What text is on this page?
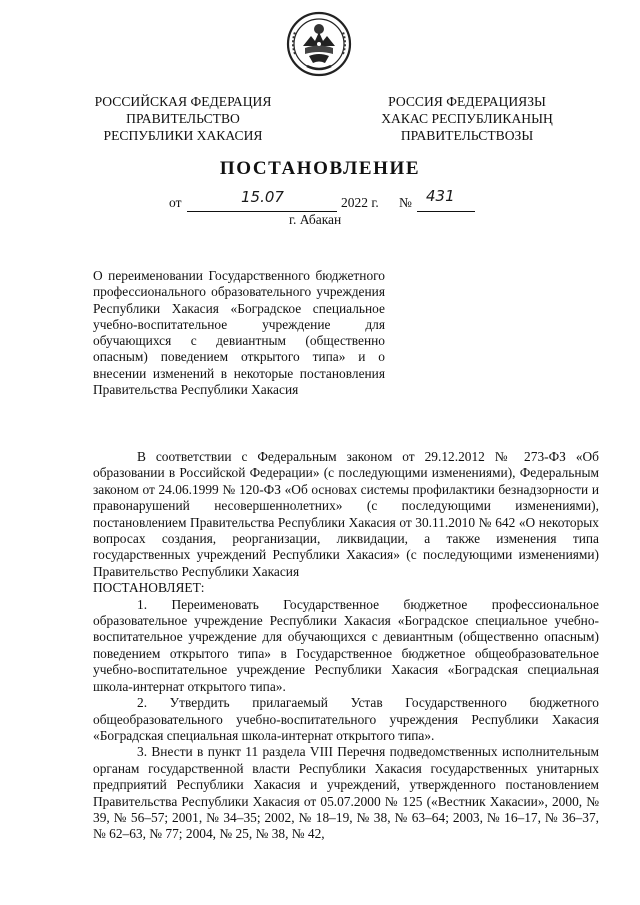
РОССИЙСКАЯ ФЕДЕРАЦИЯ
ПРАВИТЕЛЬСТВО
РЕСПУБЛИКИ ХАКАСИЯ
РОССИЯ ФЕДЕРАЦИЯЗЫ
ХАКАС РЕСПУБЛИКАНЫҢ
ПРАВИТЕЛЬСТВОЗЫ
ПОСТАНОВЛЕНИЕ
от	15.07	2022 г. № 431
г. Абакан
О переименовании Государственного бюджетного профессионального образовательного учреждения Республики Хакасия «Боградское специальное учебно-воспитательное учреждение для обучающихся с девиантным (общественно опасным) поведением открытого типа» и о внесении изменений в некоторые постановления Правительства Республики Хакасия

В соответствии с Федеральным законом от 29.12.2012 № 273-ФЗ «Об образовании в Российской Федерации» (с последующими изменениями), Федеральным законом от 24.06.1999 № 120-ФЗ «Об основах системы профилактики безнадзорности и правонарушений несовершеннолетних» (с последующими изменениями), постановлением Правительства Республики Хакасия от 30.11.2010 № 642 «О некоторых вопросах создания, реорганизации, ликвидации, а также изменения типа государственных учреждений Республики Хакасия» (с последующими изменениями) Правительство Республики Хакасия

ПОСТАНОВЛЯЕТ:

1. Переименовать Государственное бюджетное профессиональное образовательное учреждение Республики Хакасия «Боградское специальное учебно-воспитательное учреждение для обучающихся с девиантным (общественно опасным) поведением открытого типа» в Государственное бюджетное общеобразовательное учебно-воспитательное учреждение Республики Хакасия «Боградская специальная школа-интернат открытого типа».

2. Утвердить прилагаемый Устав Государственного бюджетного общеобразовательного учебно-воспитательного учреждения Республики Хакасия «Боградская специальная школа-интернат открытого типа».

3. Внести в пункт 11 раздела VIII Перечня подведомственных исполнительным органам государственной власти Республики Хакасия государственных унитарных предприятий Республики Хакасия и учреждений, утвержденного постановлением Правительства Республики Хакасия от 05.07.2000 № 125 («Вестник Хакасии», 2000, № 39, № 56–57; 2001, № 34–35; 2002, № 18–19, № 38, № 63–64; 2003, № 16–17, № 36–37, № 62–63, № 77; 2004, № 25, № 38, № 42,
